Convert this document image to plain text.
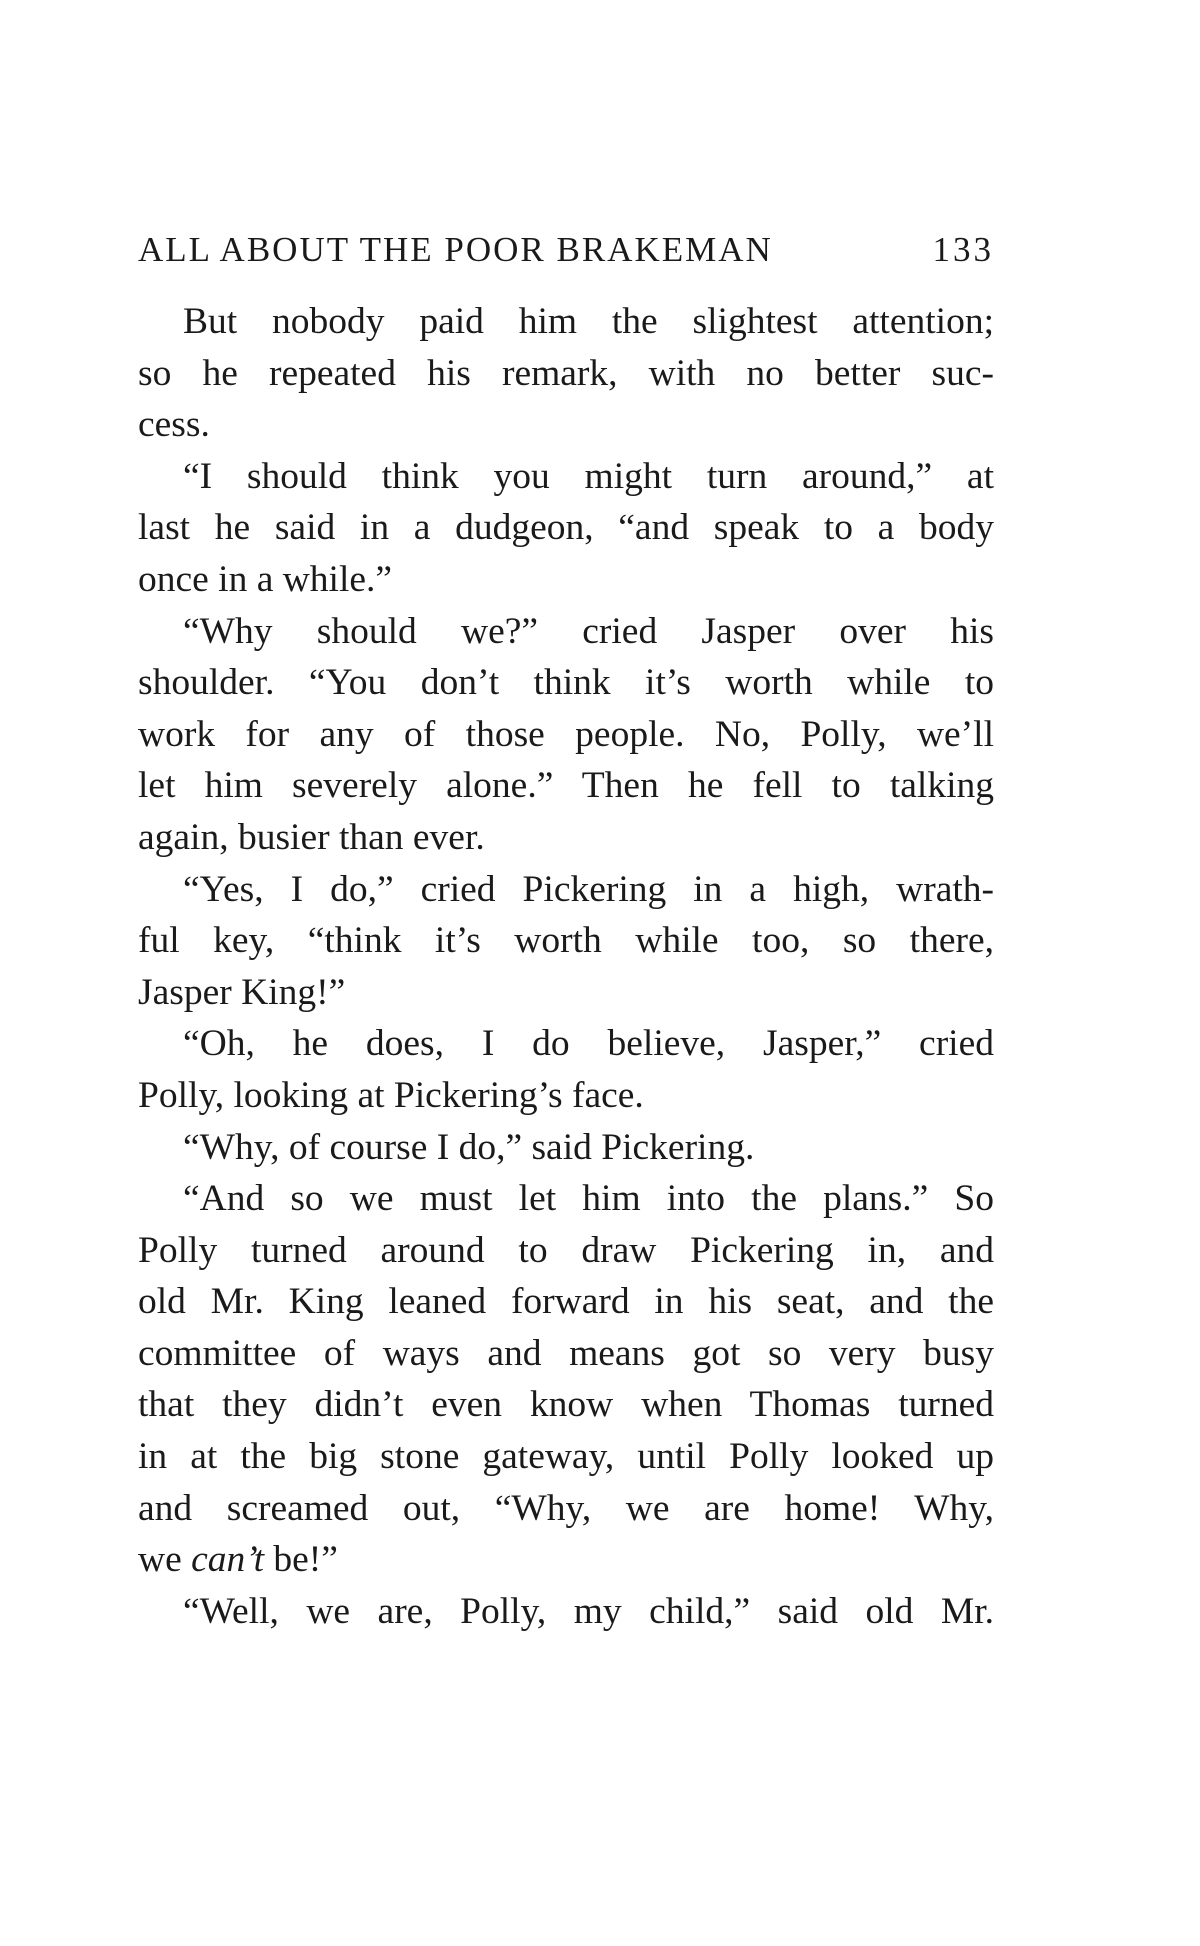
ALL ABOUT THE POOR BRAKEMAN	133
But nobody paid him the slightest attention;
so he repeated his remark, with no better suc-
cess.
“I should think you might turn around,” at
last he said in a dudgeon, “and speak to a body
once in a while.”
“Why should we?” cried Jasper over his
shoulder. “You don’t think it’s worth while to
work for any of those people. No, Polly, we’ll
let him severely alone.” Then he fell to talking
again, busier than ever.
“Yes, I do,” cried Pickering in a high, wrath-
ful key, “think it’s worth while too, so there,
Jasper King!”
“Oh, he does, I do believe, Jasper,” cried
Polly, looking at Pickering’s face.
“Why, of course I do,” said Pickering.
“And so we must let him into the plans.” So
Polly turned around to draw Pickering in, and
old Mr. King leaned forward in his seat, and the
committee of ways and means got so very busy
that they didn’t even know when Thomas turned
in at the big stone gateway, until Polly looked up
and screamed out, “Why, we are home! Why,
we can’t be!”
“Well, we are, Polly, my child,” said old Mr.
